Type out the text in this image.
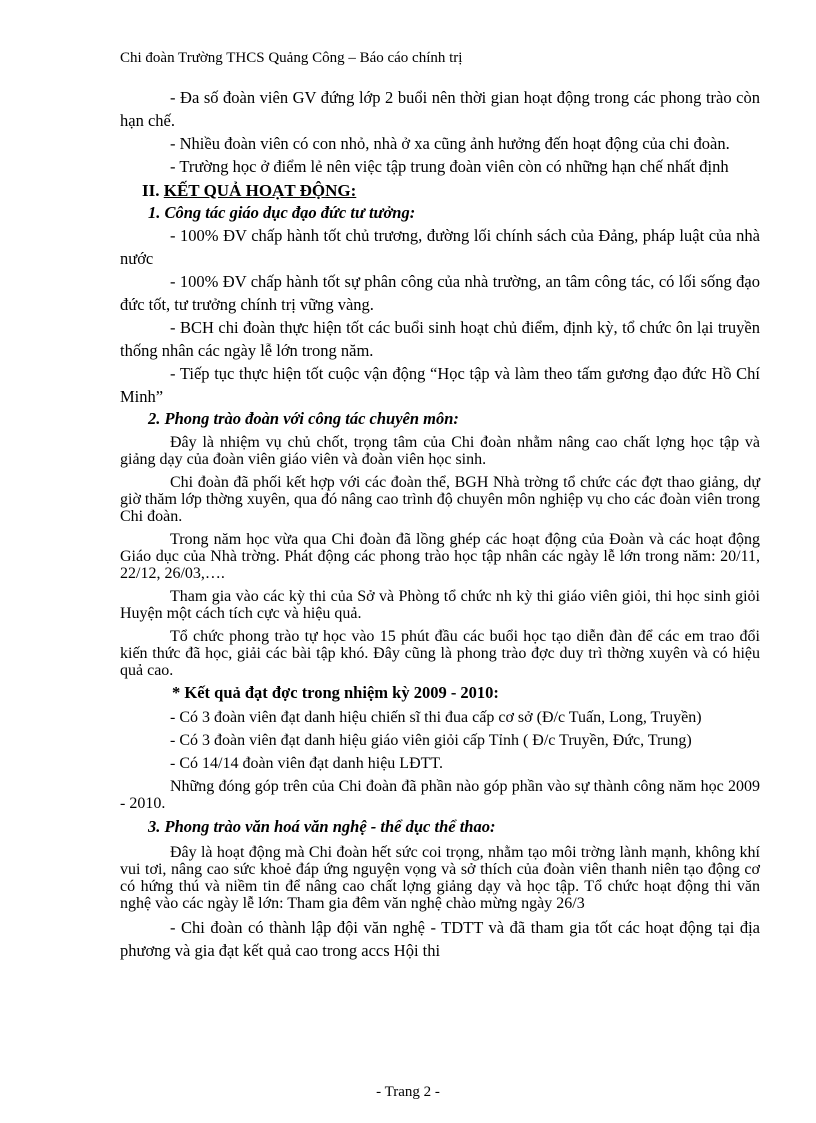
Chi đoàn Trường THCS Quảng Công – Báo cáo chính trị

- Đa số đoàn viên GV đứng lớp 2 buổi nên thời gian hoạt động trong các phong trào còn hạn chế.

- Nhiều đoàn viên có con nhỏ, nhà ở xa cũng ảnh hưởng đến hoạt động của chi đoàn.

- Trường học ở điểm lẻ nên việc tập trung đoàn viên còn có những hạn chế nhất định

II. KẾT QUẢ HOẠT ĐỘNG:

1. Công tác giáo dục đạo đức tư tưởng:

- 100% ĐV chấp hành tốt chủ trương, đường lối chính sách của Đảng, pháp luật của nhà nước

- 100% ĐV chấp hành tốt sự phân công của nhà trường, an tâm công tác, có lối sống đạo đức tốt, tư trưởng chính trị vững vàng.

- BCH chi đoàn thực hiện tốt các buổi sinh hoạt chủ điểm, định kỳ, tổ chức ôn lại truyền thống nhân các ngày lễ lớn trong năm.

- Tiếp tục thực hiện tốt cuộc vận động “Học tập và làm theo tấm gương đạo đức Hồ Chí Minh”

2. Phong trào đoàn với công tác chuyên môn:

Đây là nhiệm vụ chủ chốt, trọng tâm của Chi đoàn nhằm nâng cao chất lợng học tập và giảng dạy của đoàn viên giáo viên và đoàn viên học sinh.

Chi đoàn đã phối kết hợp với các đoàn thể, BGH Nhà trờng tổ chức các đợt thao giảng, dự giờ thăm lớp thờng xuyên, qua đó nâng cao trình độ chuyên môn nghiệp vụ cho các đoàn viên trong Chi đoàn.

Trong năm học vừa qua Chi đoàn đã lồng ghép các hoạt động của Đoàn và các hoạt động Giáo dục của Nhà trờng. Phát động các phong trào học tập nhân các ngày lễ lớn trong năm: 20/11, 22/12, 26/03,….

Tham gia vào các kỳ thi của Sở và Phòng tổ chức nh kỳ thi giáo viên giỏi, thi học sinh giỏi Huyện một cách tích cực và hiệu quả.

Tổ chức phong trào tự học vào 15 phút đầu các buổi học tạo diễn đàn để các em trao đổi kiến thức đã học, giải các bài tập khó. Đây cũng là phong trào đợc duy trì thờng xuyên và có hiệu quả cao.

* Kết quả đạt đợc trong nhiệm kỳ 2009 - 2010:

- Có 3 đoàn viên đạt danh hiệu chiến sĩ thi đua cấp cơ sở (Đ/c Tuấn, Long, Truyền)

- Có 3 đoàn viên đạt danh hiệu giáo viên giỏi cấp Tỉnh ( Đ/c Truyền, Đức, Trung)

- Có 14/14 đoàn viên đạt danh hiệu LĐTT.

Những đóng góp trên của Chi đoàn đã phần nào góp phần vào sự thành công năm học 2009 - 2010.

3. Phong trào văn hoá văn nghệ - thể dục thể thao:

Đây là hoạt động mà Chi đoàn hết sức coi trọng, nhằm tạo môi trờng lành mạnh, không khí vui tơi, nâng cao sức khoẻ đáp ứng nguyện vọng và sở thích của đoàn viên thanh niên tạo động cơ có hứng thú và niềm tin để nâng cao chất lợng giảng dạy và học tập. Tổ chức hoạt động thi văn nghệ vào các ngày lễ lớn: Tham gia đêm văn nghệ chào mừng ngày 26/3

- Chi đoàn có thành lập đội văn nghệ - TDTT và đã tham gia tốt các hoạt động tại địa phương và gia đạt kết quả cao trong accs Hội thi

- Trang 2 -
